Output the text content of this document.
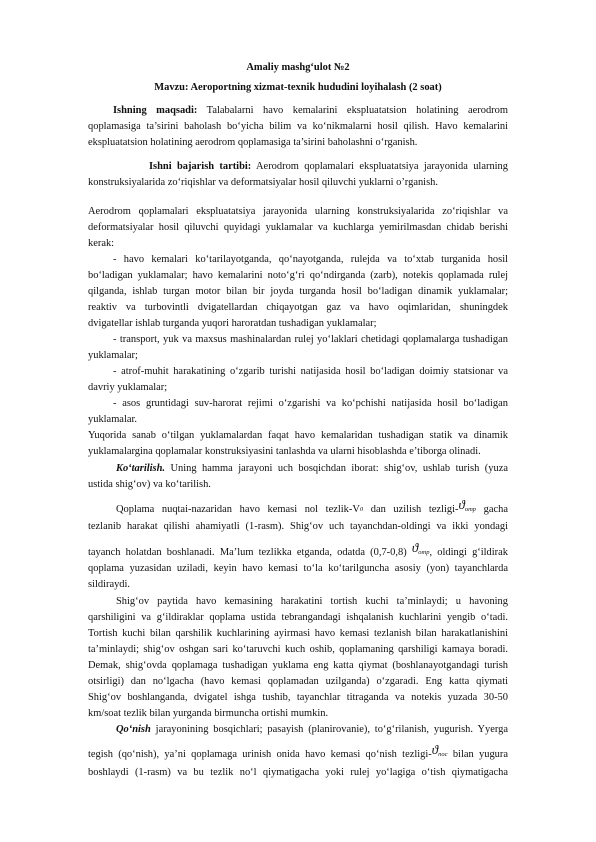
Amaliy mashg‘ulot №2
Mavzu: Aeroportning xizmat-texnik hududini loyihalash (2 soat)
Ishning maqsadi: Talabalarni havo kemalarini ekspluatatsion holatining aerodrom
qoplamasiga ta’sirini baholash bo‘yicha bilim va ko‘nikmalarni hosil qilish. Havo kemalarini
ekspluatatsion holatining aerodrom qoplamasiga ta’sirini baholashni o‘rganish.
Ishni bajarish tartibi: Aerodrom qoplamalari ekspluatatsiya jarayonida ularning
konstruksiyalarida zo‘riqishlar va deformatsiyalar hosil qiluvchi yuklarni o’rganish.
Aerodrom qoplamalari ekspluatatsiya jarayonida ularning konstruksiyalarida zo‘riqishlar va
deformatsiyalar hosil qiluvchi quyidagi yuklamalar va kuchlarga yemirilmasdan chidab berishi
kerak:
- havo kemalari ko‘tarilayotganda, qo‘nayotganda, rulejda va to‘xtab turganida hosil
bo‘ladigan yuklamalar; havo kemalarini noto‘g‘ri qo‘ndirganda (zarb), notekis qoplamada rulej
qilganda, ishlab turgan motor bilan bir joyda turganda hosil bo‘ladigan dinamik yuklamalar;
reaktiv va turbovintli dvigatellardan chiqayotgan gaz va havo oqimlaridan, shuningdek
dvigatellar ishlab turganda yuqori haroratdan tushadigan yuklamalar;
- transport, yuk va maxsus mashinalardan rulej yo‘laklari chetidagi qoplamalarga tushadigan
yuklamalar;
- atrof-muhit harakatining o‘zgarib turishi natijasida hosil bo‘ladigan doimiy statsionar va
davriy yuklamalar;
- asos gruntidagi suv-harorat rejimi o‘zgarishi va ko‘pchishi natijasida hosil bo‘ladigan
yuklamalar.
Yuqorida sanab o‘tilgan yuklamalardan faqat havo kemalaridan tushadigan statik va dinamik
yuklamalargina qoplamalar konstruksiyasini tanlashda va ularni hisoblashda e’tiborga olinadi.
Ko‘tarilish. Uning hamma jarayoni uch bosqichdan iborat: shig‘ov, ushlab turish (yuza
ustida shig‘ov) va ko‘tarilish.
Qoplama nuqtai-nazaridan havo kemasi nol tezlik-V0 dan uzilish tezligi-ϑотр gacha
tezlanib harakat qilishi ahamiyatli (1-rasm). Shig‘ov uch tayanchdan-oldingi va ikki yondagi
tayanch holatdan boshlanadi. Ma’lum tezlikka etganda, odatda (0,7-0,8) ϑотр, oldingi g‘ildirak
qoplama yuzasidan uziladi, keyin havo kemasi to‘la ko‘tarilguncha asosiy (yon) tayanchlarda
sildiraydi.
Shig‘ov paytida havo kemasining harakatini tortish kuchi ta’minlaydi; u havoning
qarshiligini va g‘ildiraklar qoplama ustida tebrangandagi ishqalanish kuchlarini yengib o‘tadi.
Tortish kuchi bilan qarshilik kuchlarining ayirmasi havo kemasi tezlanish bilan harakatlanishini
ta’minlaydi; shig‘ov oshgan sari ko‘taruvchi kuch oshib, qoplamaning qarshiligi kamaya boradi.
Demak, shig‘ovda qoplamaga tushadigan yuklama eng katta qiymat (boshlanayotgandagi turish
otsirligi) dan no‘lgacha (havo kemasi qoplamadan uzilganda) o‘zgaradi. Eng katta qiymati
Shig‘ov boshlanganda, dvigatel ishga tushib, tayanchlar titraganda va notekis yuzada 30-50
km/soat tezlik bilan yurganda birmuncha ortishi mumkin.
Qo‘nish jarayonining bosqichlari; pasayish (planirovanie), to‘g‘rilanish, yugurish. Yyerga
tegish (qo‘nish), ya’ni qoplamaga urinish onida havo kemasi qo‘nish tezligi-ϑпос bilan yugura
boshlaydi (1-rasm) va bu tezlik no‘l qiymatigacha yoki rulej yo‘lagiga o‘tish qiymatigacha
